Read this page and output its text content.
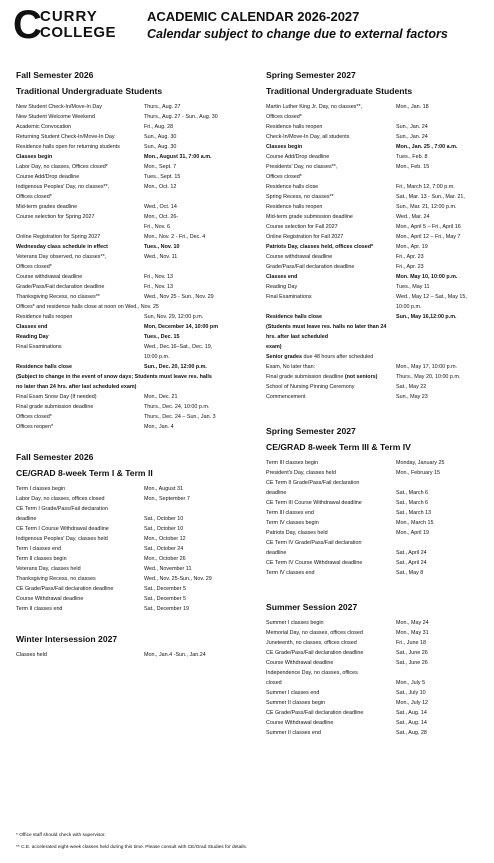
C
CURRY
COLLEGE
ACADEMIC CALENDAR 2026-2027
Calendar subject to change due to external factors
Fall Semester 2026
Traditional Undergraduate Students
New Student Check-In/Move-In Day	Thurs., Aug. 27
New Student Welcome Weekend	Thurs., Aug. 27 - Sun., Aug. 30
Academic Convocation	Fri., Aug. 28
Returning Student Check-In/Move-In Day	Sun., Aug. 30
Residence halls open for returning students	Sun., Aug. 30
Classes begin	Mon., August 31, 7:00 a.m.
Labor Day, no classes, Offices closed*	Mon., Sept. 7
Course Add/Drop deadline	Tues., Sept. 15
Indigenous Peoples' Day, no classes**,	Mon., Oct. 12
Offices closed*
Mid-term grades deadline	Wed., Oct. 14
Course selection for Spring 2027	Mon., Oct. 26-
Fri., Nov. 6
Online Registration for Spring 2027	Mon., Nov. 2 - Fri., Dec. 4
Wednesday class schedule in effect	Tues., Nov. 10
Veterans Day observed, no classes**,	Wed., Nov. 11
Offices closed*
Course withdrawal deadline	Fri., Nov. 13
Grade/Pass/Fail declaration deadline	Fri., Nov. 13
Thanksgiving Recess, no classes**	Wed., Nov 25 - Sun., Nov. 29
Offices* and residence halls close at noon on Wed., Nov. 25
Residence halls reopen	Sun, Nov. 29, 12:00 p.m.
Classes end	Mon, December 14, 10:00 pm
Reading Day	Tues., Dec. 15
Final Examinations	Wed., Dec.16–Sat., Dec. 19,
10:00 p.m.
Residence halls close	Sun., Dec. 20, 12:00 p.m.
(Subject to change in the event of snow days; Students must leave res. halls
no later than 24 hrs. after last scheduled exam)
Final Exam Snow Day (If needed)	Mon., Dec. 21
Final grade submission deadline	Thurs., Dec. 24, 10:00 p.m.
Offices closed*	Thurs., Dec. 24 – Sun., Jan. 3
Offices reopen*	Mon., Jan. 4
Fall Semester 2026
CE/GRAD 8-week Term I & Term II
Term I classes begin	Mon., August 31
Labor Day, no classes, offices closed	Mon., September 7
CE Term I Grade/Pass/Fail declaration
deadline	Sat., October 10
CE Term I Course Withdrawal deadline	Sat., October 10
Indigenous Peoples' Day, classes held	Mon., October 12
Term I classes end	Sat., October 24
Term II classes begin	Mon., October 26
Veterans Day, classes held	Wed., November 11
Thanksgiving Recess, no classes	Wed., Nov. 25-Sun., Nov. 29
CE Grade/Pass/Fail declaration deadline	Sat., December 5
Course Withdrawal deadline	Sat., December 5
Term II classes end	Sat., December 19
Winter Intersession 2027
Classes held	Mon., Jan.4 -Sun., Jan.24
Spring Semester 2027
Traditional Undergraduate Students
Martin Luther King Jr. Day, no classes**,	Mon., Jan. 18
Offices closed*
Residence halls reopen	Sun., Jan. 24
Check-In/Move-In Day, all students	Sun., Jan. 24
Classes begin	Mon., Jan. 25 , 7:00 a.m.
Course Add/Drop deadline	Tues., Feb. 8
Presidents' Day, no classes**,	Mon., Feb. 15
Offices closed*
Residence halls close	Fri., March 12, 7:00 p.m.
Spring Recess, no classes**	Sat., Mar. 13 - Sun., Mar. 21,
Residence halls reopen	Sun., Mar. 21, 12:00 p.m.
Mid-term grade submission deadline	Wed., Mar. 24
Course selection for Fall 2027	Mon., April 5 – Fri., April 16
Online Registration for Fall 2027	Mon., April 12 – Fri., May 7
Patriots Day, classes held, offices closed*	Mon., Apr. 19
Course withdrawal deadline	Fri., Apr. 23
Grade/Pass/Fail declaration deadline	Fri., Apr. 23
Classes end	Mon. May 10, 10:00 p.m.
Reading Day	Tues., May 11
Final Examinations	Wed., May 12 – Sat., May 15,
10:00 p.m.
Residence halls close	Sun., May 16,12:00 p.m.
(Students must leave res. halls no later than 24 hrs. after last scheduled
exam)
Senior grades due 48 hours after scheduled
Exam, No later than:	Mon., May 17, 10:00 p.m.
Final grade submission deadline (not seniors)	Thurs., May 20, 10:00 p.m.
School of Nursing Pinning Ceremony	Sat., May 22
Commencement	Sun., May 23
Spring Semester 2027
CE/GRAD 8-week Term III & Term IV
Term III classes begin	Monday, January 25
President's Day, classes held	Mon., February 15
CE Term II Grade/Pass/Fail declaration
deadline	Sat., March 6
CE Term III Course Withdrawal deadline	Sat., March 6
Term III classes end	Sat., March 13
Term IV classes begin	Mon., March 15
Patriots Day, classes held	Mon., April 19
CE Term IV Grade/Pass/Fail declaration
deadline	Sat., April 24
CE Term IV Course Withdrawal deadline	Sat., April 24
Term IV classes end	Sat., May 8
Summer Session 2027
Summer I classes begin	Mon., May 24
Memorial Day, no classes, offices closed	Mon., May 31
Juneteenth, no classes, offices closed	Fri., June 18
CE Grade/Pass/Fail declaration deadline	Sat., June 26
Course Withdrawal deadline	Sat., June 26
Independence Day, no classes, offices
closed	Mon., July 5
Summer I classes end	Sat., July 10
Summer II classes begin	Mon., July 12
CE Grade/Pass/Fail declaration deadline	Sat., Aug. 14
Course Withdrawal deadline	Sat., Aug. 14
Summer II classes end	Sat., Aug. 28
* Office staff should check with supervisor.
** C.E. accelerated eight-week classes held during this time. Please consult with CE/Grad Studies for details.
